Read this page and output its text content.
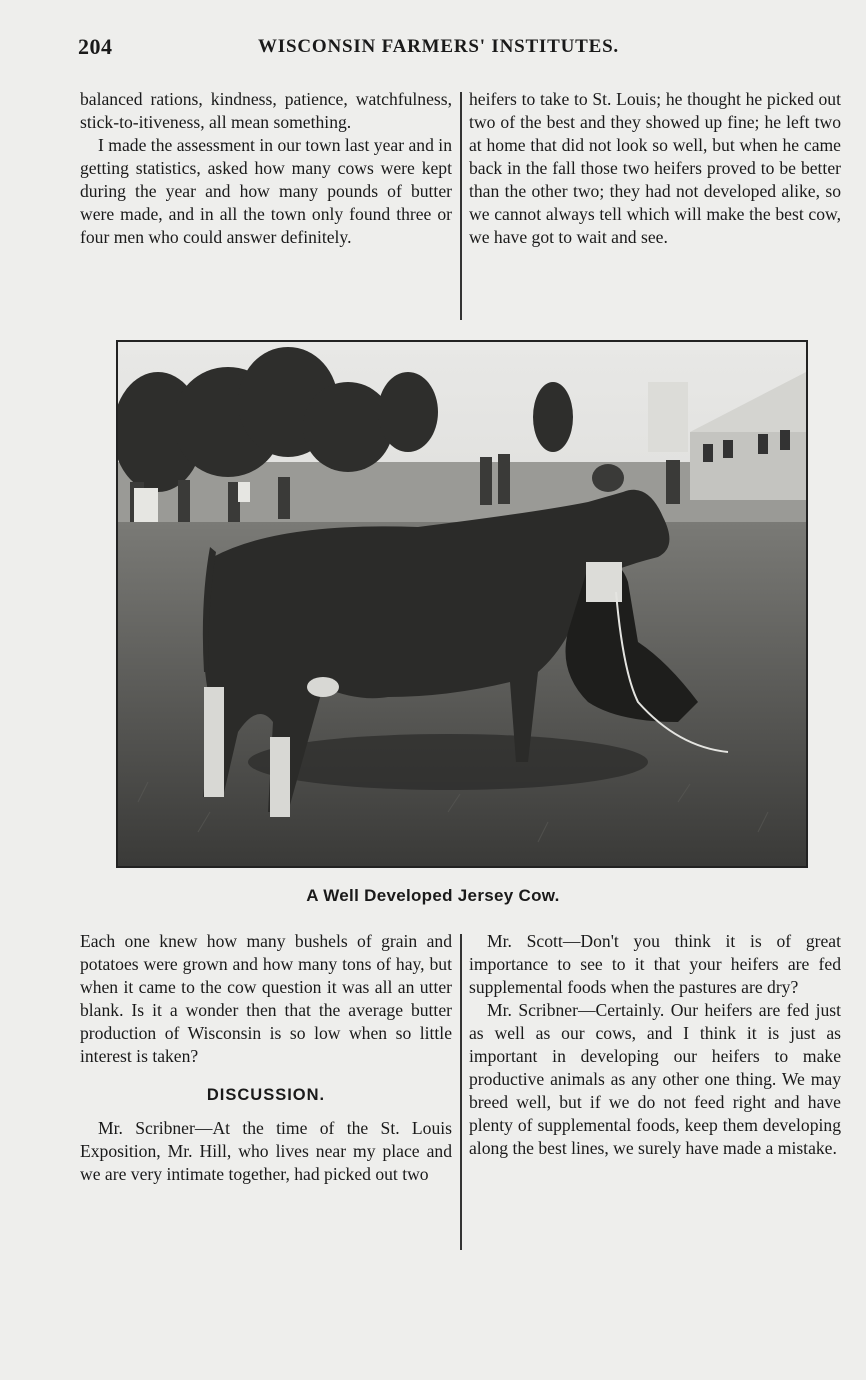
204	WISCONSIN FARMERS' INSTITUTES.

balanced rations, kindness, patience, watchfulness, stick-to-itiveness, all mean something.

I made the assessment in our town last year and in getting statistics, asked how many cows were kept during the year and how many pounds of butter were made, and in all the town only found three or four men who could answer definitely.

heifers to take to St. Louis; he thought he picked out two of the best and they showed up fine; he left two at home that did not look so well, but when he came back in the fall those two heifers proved to be better than the other two; they had not developed alike, so we cannot always tell which will make the best cow, we have got to wait and see.

A Well Developed Jersey Cow.

Each one knew how many bushels of grain and potatoes were grown and how many tons of hay, but when it came to the cow question it was all an utter blank. Is it a wonder then that the average butter production of Wisconsin is so low when so little interest is taken?

DISCUSSION.

Mr. Scribner—At the time of the St. Louis Exposition, Mr. Hill, who lives near my place and we are very intimate together, had picked out two

Mr. Scott—Don't you think it is of great importance to see to it that your heifers are fed supplemental foods when the pastures are dry?

Mr. Scribner—Certainly. Our heifers are fed just as well as our cows, and I think it is just as important in developing our heifers to make productive animals as any other one thing. We may breed well, but if we do not feed right and have plenty of supplemental foods, keep them developing along the best lines, we surely have made a mistake.
